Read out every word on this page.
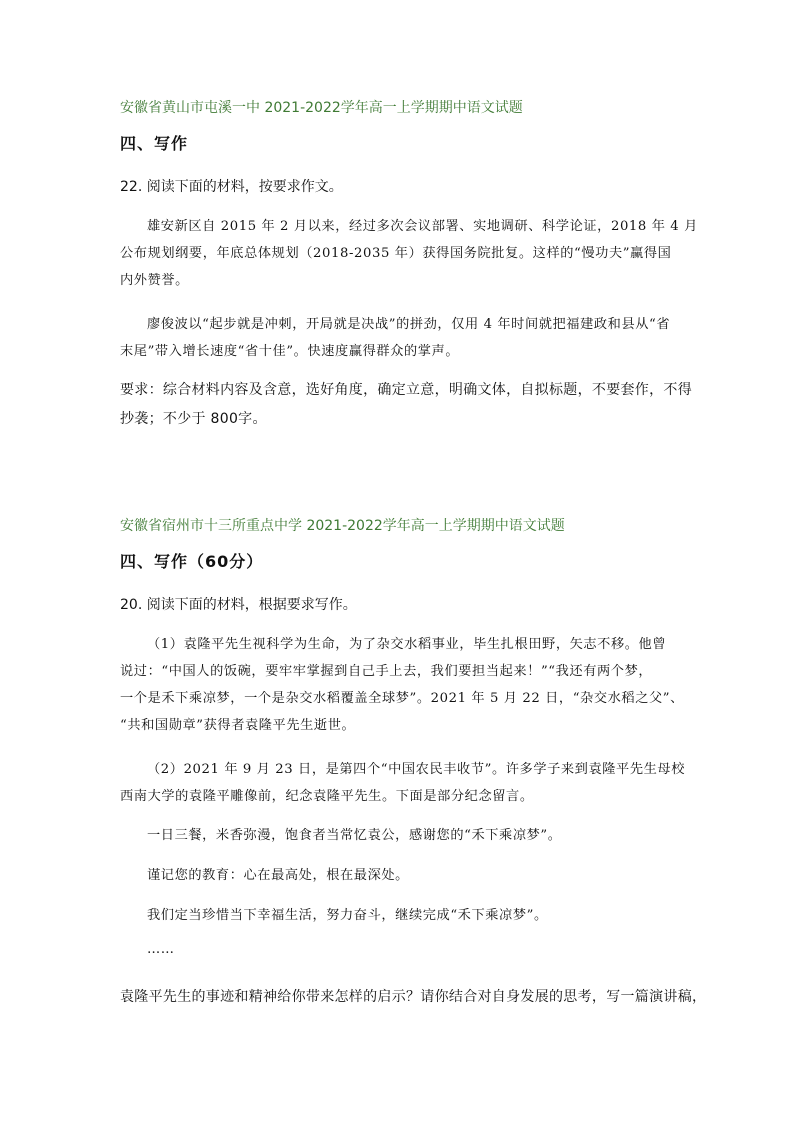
安徽省黄山市屯溪一中 2021-2022学年高一上学期期中语文试题
四、写作
22. 阅读下面的材料，按要求作文。
雄安新区自 2015 年 2 月以来，经过多次会议部署、实地调研、科学论证，2018 年 4 月
公布规划纲要，年底总体规划（2018-2035 年）获得国务院批复。这样的“慢功夫”赢得国
内外赞誉。
廖俊波以“起步就是冲刺，开局就是决战”的拼劲，仅用 4 年时间就把福建政和县从“省
末尾”带入增长速度“省十佳”。快速度赢得群众的掌声。
要求：综合材料内容及含意，选好角度，确定立意，明确文体，自拟标题，不要套作，不得
抄袭；不少于 800字。
安徽省宿州市十三所重点中学 2021-2022学年高一上学期期中语文试题
四、写作（60分）
20. 阅读下面的材料，根据要求写作。
（1）袁隆平先生视科学为生命，为了杂交水稻事业，毕生扎根田野，矢志不移。他曾
说过：“中国人的饭碗，要牢牢掌握到自己手上去，我们要担当起来！”“我还有两个梦，
一个是禾下乘凉梦，一个是杂交水稻覆盖全球梦”。2021 年 5 月 22 日，“杂交水稻之父”、
“共和国勋章”获得者袁隆平先生逝世。
（2）2021 年 9 月 23 日，是第四个“中国农民丰收节”。许多学子来到袁隆平先生母校
西南大学的袁隆平雕像前，纪念袁隆平先生。下面是部分纪念留言。
一日三餐，米香弥漫，饱食者当常忆袁公，感谢您的“禾下乘凉梦”。
谨记您的教育：心在最高处，根在最深处。
我们定当珍惜当下幸福生活，努力奋斗，继续完成“禾下乘凉梦”。
……
袁隆平先生的事迹和精神给你带来怎样的启示？请你结合对自身发展的思考，写一篇演讲稿，
